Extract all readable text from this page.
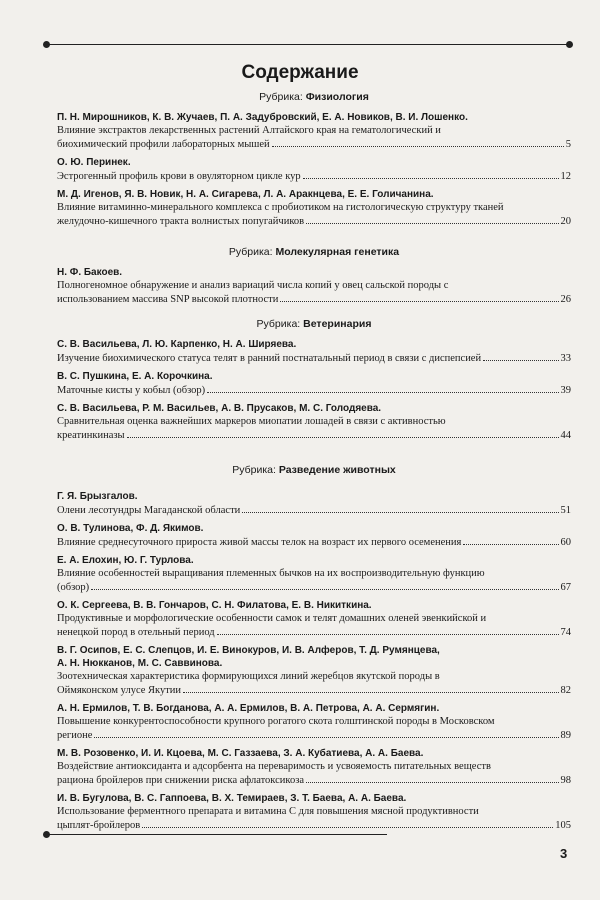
Содержание
Рубрика: Физиология
П. Н. Мирошников, К. В. Жучаев, П. А. Задубровский, Е. А. Новиков, В. И. Лошенко.
Влияние экстрактов лекарственных растений Алтайского края на гематологический и
биохимический профили лабораторных мышей	5
О. Ю. Перинек.
Эстрогенный профиль крови в овуляторном цикле кур	12
М. Д. Игенов, Я. В. Новик, Н. А. Сигарева, Л. А. Аракнцева, Е. Е. Голичанина.
Влияние витаминно-минерального комплекса с пробиотиком на гистологическую структуру тканей
желудочно-кишечного тракта волнистых попугайчиков	20
Рубрика: Молекулярная генетика
Н. Ф. Бакоев.
Полногеномное обнаружение и анализ вариаций числа копий у овец сальской породы с
использованием массива SNP высокой плотности	26
Рубрика: Ветеринария
С. В. Васильева, Л. Ю. Карпенко, Н. А. Ширяева.
Изучение биохимического статуса телят в ранний постнатальный период в связи с диспепсией	33
В. С. Пушкина, Е. А. Корочкина.
Маточные кисты у кобыл (обзор)	39
С. В. Васильева, Р. М. Васильев, А. В. Прусаков, М. С. Голодяева.
Сравнительная оценка важнейших маркеров миопатии лошадей в связи с активностью
креатинкиназы	44
Рубрика: Разведение животных
Г. Я. Брызгалов.
Олени лесотундры Магаданской области	51
О. В. Тулинова, Ф. Д. Якимов.
Влияние среднесуточного прироста живой массы телок на возраст их первого осеменения	60
Е. А. Елохин, Ю. Г. Турлова.
Влияние особенностей выращивания племенных бычков на их воспроизводительную функцию
(обзор)	67
О. К. Сергеева, В. В. Гончаров, С. Н. Филатова, Е. В. Никиткина.
Продуктивные и морфологические особенности самок и телят домашних оленей эвенкийской и
ненецкой пород в отельный период	74
В. Г. Осипов, Е. С. Слепцов, И. Е. Винокуров, И. В. Алферов, Т. Д. Румянцева,
А. Н. Нюкканов, М. С. Саввинова.
Зоотехническая характеристика формирующихся линий жеребцов якутской породы в
Оймяконском улусе Якутии	82
А. Н. Ермилов, Т. В. Богданова, А. А. Ермилов, В. А. Петрова, А. А. Сермягин.
Повышение конкурентоспособности крупного рогатого скота голштинской породы в Московском
регионе	89
М. В. Розовенко, И. И. Кцоева, М. С. Газзаева, З. А. Кубатиева, А. А. Баева.
Воздействие антиоксиданта и адсорбента на переваримость и усвояемость питательных веществ
рациона бройлеров при снижении риска афлатоксикоза	98
И. В. Бугулова, В. С. Гаппоева, В. Х. Темираев, З. Т. Баева, А. А. Баева.
Использование ферментного препарата и витамина С для повышения мясной продуктивности
цыплят-бройлеров	105
3
